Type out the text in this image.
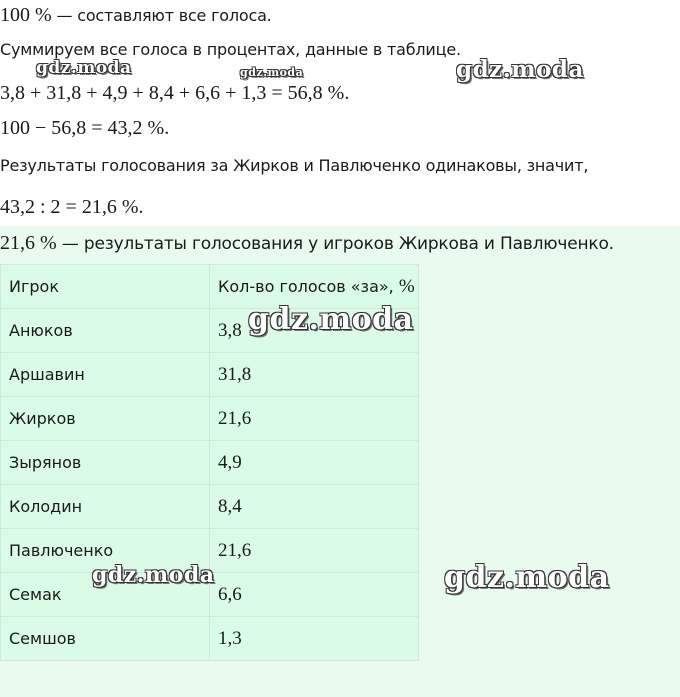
100 % — составляют все голоса.
Суммируем все голоса в процентах, данные в таблице.
3,8 + 31,8 + 4,9 + 8,4 + 6,6 + 1,3 = 56,8 %.
100 − 56,8 = 43,2 %.
Результаты голосования за Жирков и Павлюченко одинаковы, значит,
43,2 : 2 = 21,6 %.
21,6 % — результаты голосования у игроков Жиркова и Павлюченко.
Игрок	Кол-во голосов «за», %
Анюков	3,8
Аршавин	31,8
Жирков	21,6
Зырянов	4,9
Колодин	8,4
Павлюченко	21,6
Семак	6,6
Семшов	1,3
gdz.moda	gdz.moda	gdz.moda
gdz.moda
gdz.moda	gdz.moda
